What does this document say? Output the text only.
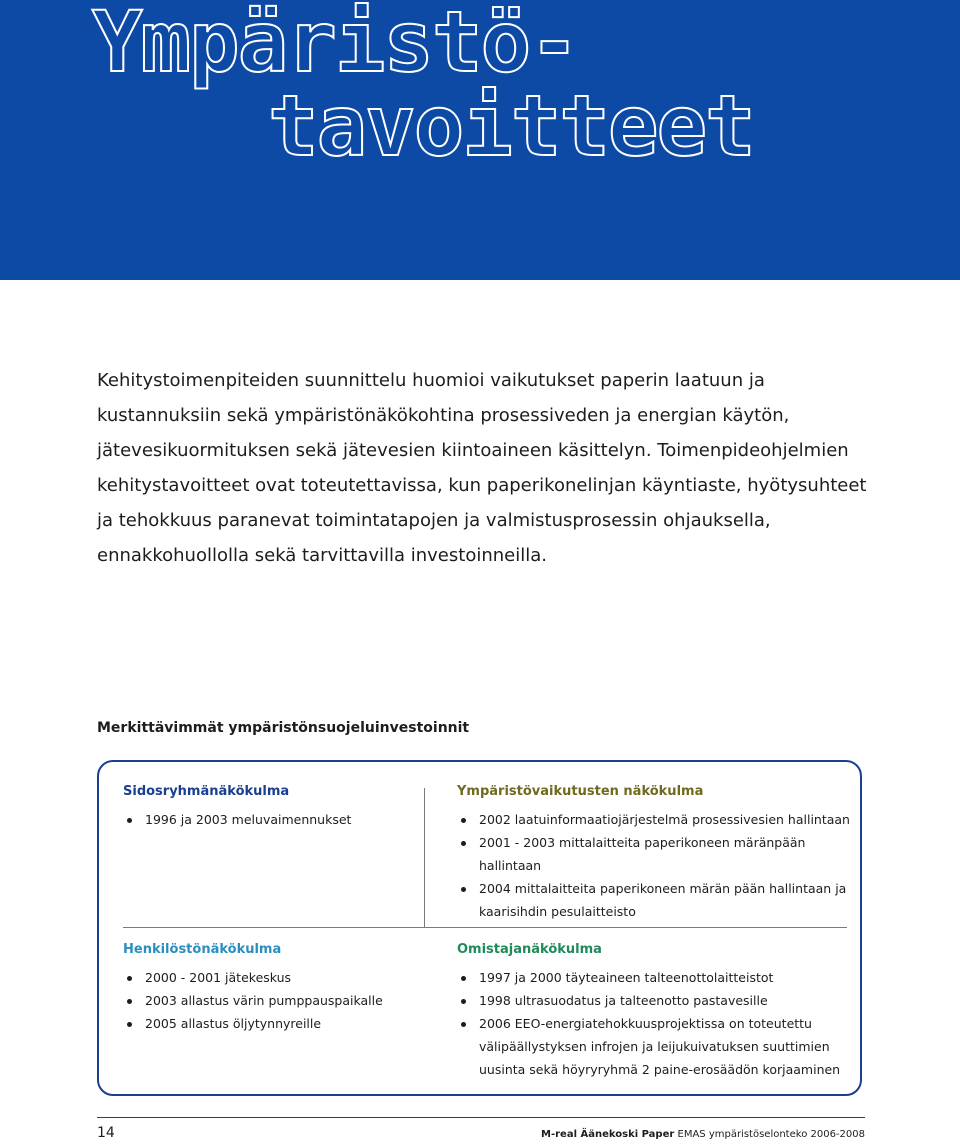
Ympäristö-
tavoitteet

Kehitystoimenpiteiden suunnittelu huomioi vaikutukset paperin laatuun ja kustannuksiin sekä ympäristönäkökohtina prosessiveden ja energian käytön, jätevesikuormituksen sekä jätevesien kiintoaineen käsittelyn. Toimenpideohjelmien kehitystavoitteet ovat toteutettavissa, kun paperikonelinjan käyntiaste, hyötysuhteet ja tehokkuus paranevat toimintatapojen ja valmistusprosessin ohjauksella, ennakkohuollolla sekä tarvittavilla investoinneilla.

Merkittävimmät ympäristönsuojeluinvestoinnit
Sidosryhmänäkökulma
1996 ja 2003 meluvaimennukset
Ympäristövaikutusten näkökulma
2002 laatuinformaatiojärjestelmä prosessivesien hallintaan
2001 - 2003 mittalaitteita paperikoneen märänpään hallintaan
2004 mittalaitteita paperikoneen märän pään hallintaan ja kaarisihdin pesulaitteisto
Henkilöstönäkökulma
2000 - 2001 jätekeskus
2003 allastus värin pumppauspaikalle
2005 allastus öljytynnyreille
Omistajanäkökulma
1997 ja 2000 täyteaineen talteenottolaitteistot
1998 ultrasuodatus ja talteenotto pastavesille
2006 EEO-energiatehokkuusprojektissa on toteutettu välipäällystyksen infrojen ja leijukuivatuksen suuttimien uusinta sekä höyryryhmä 2 paine-erosäädön korjaaminen
14	M-real Äänekoski Paper EMAS ympäristöselonteko 2006-2008
